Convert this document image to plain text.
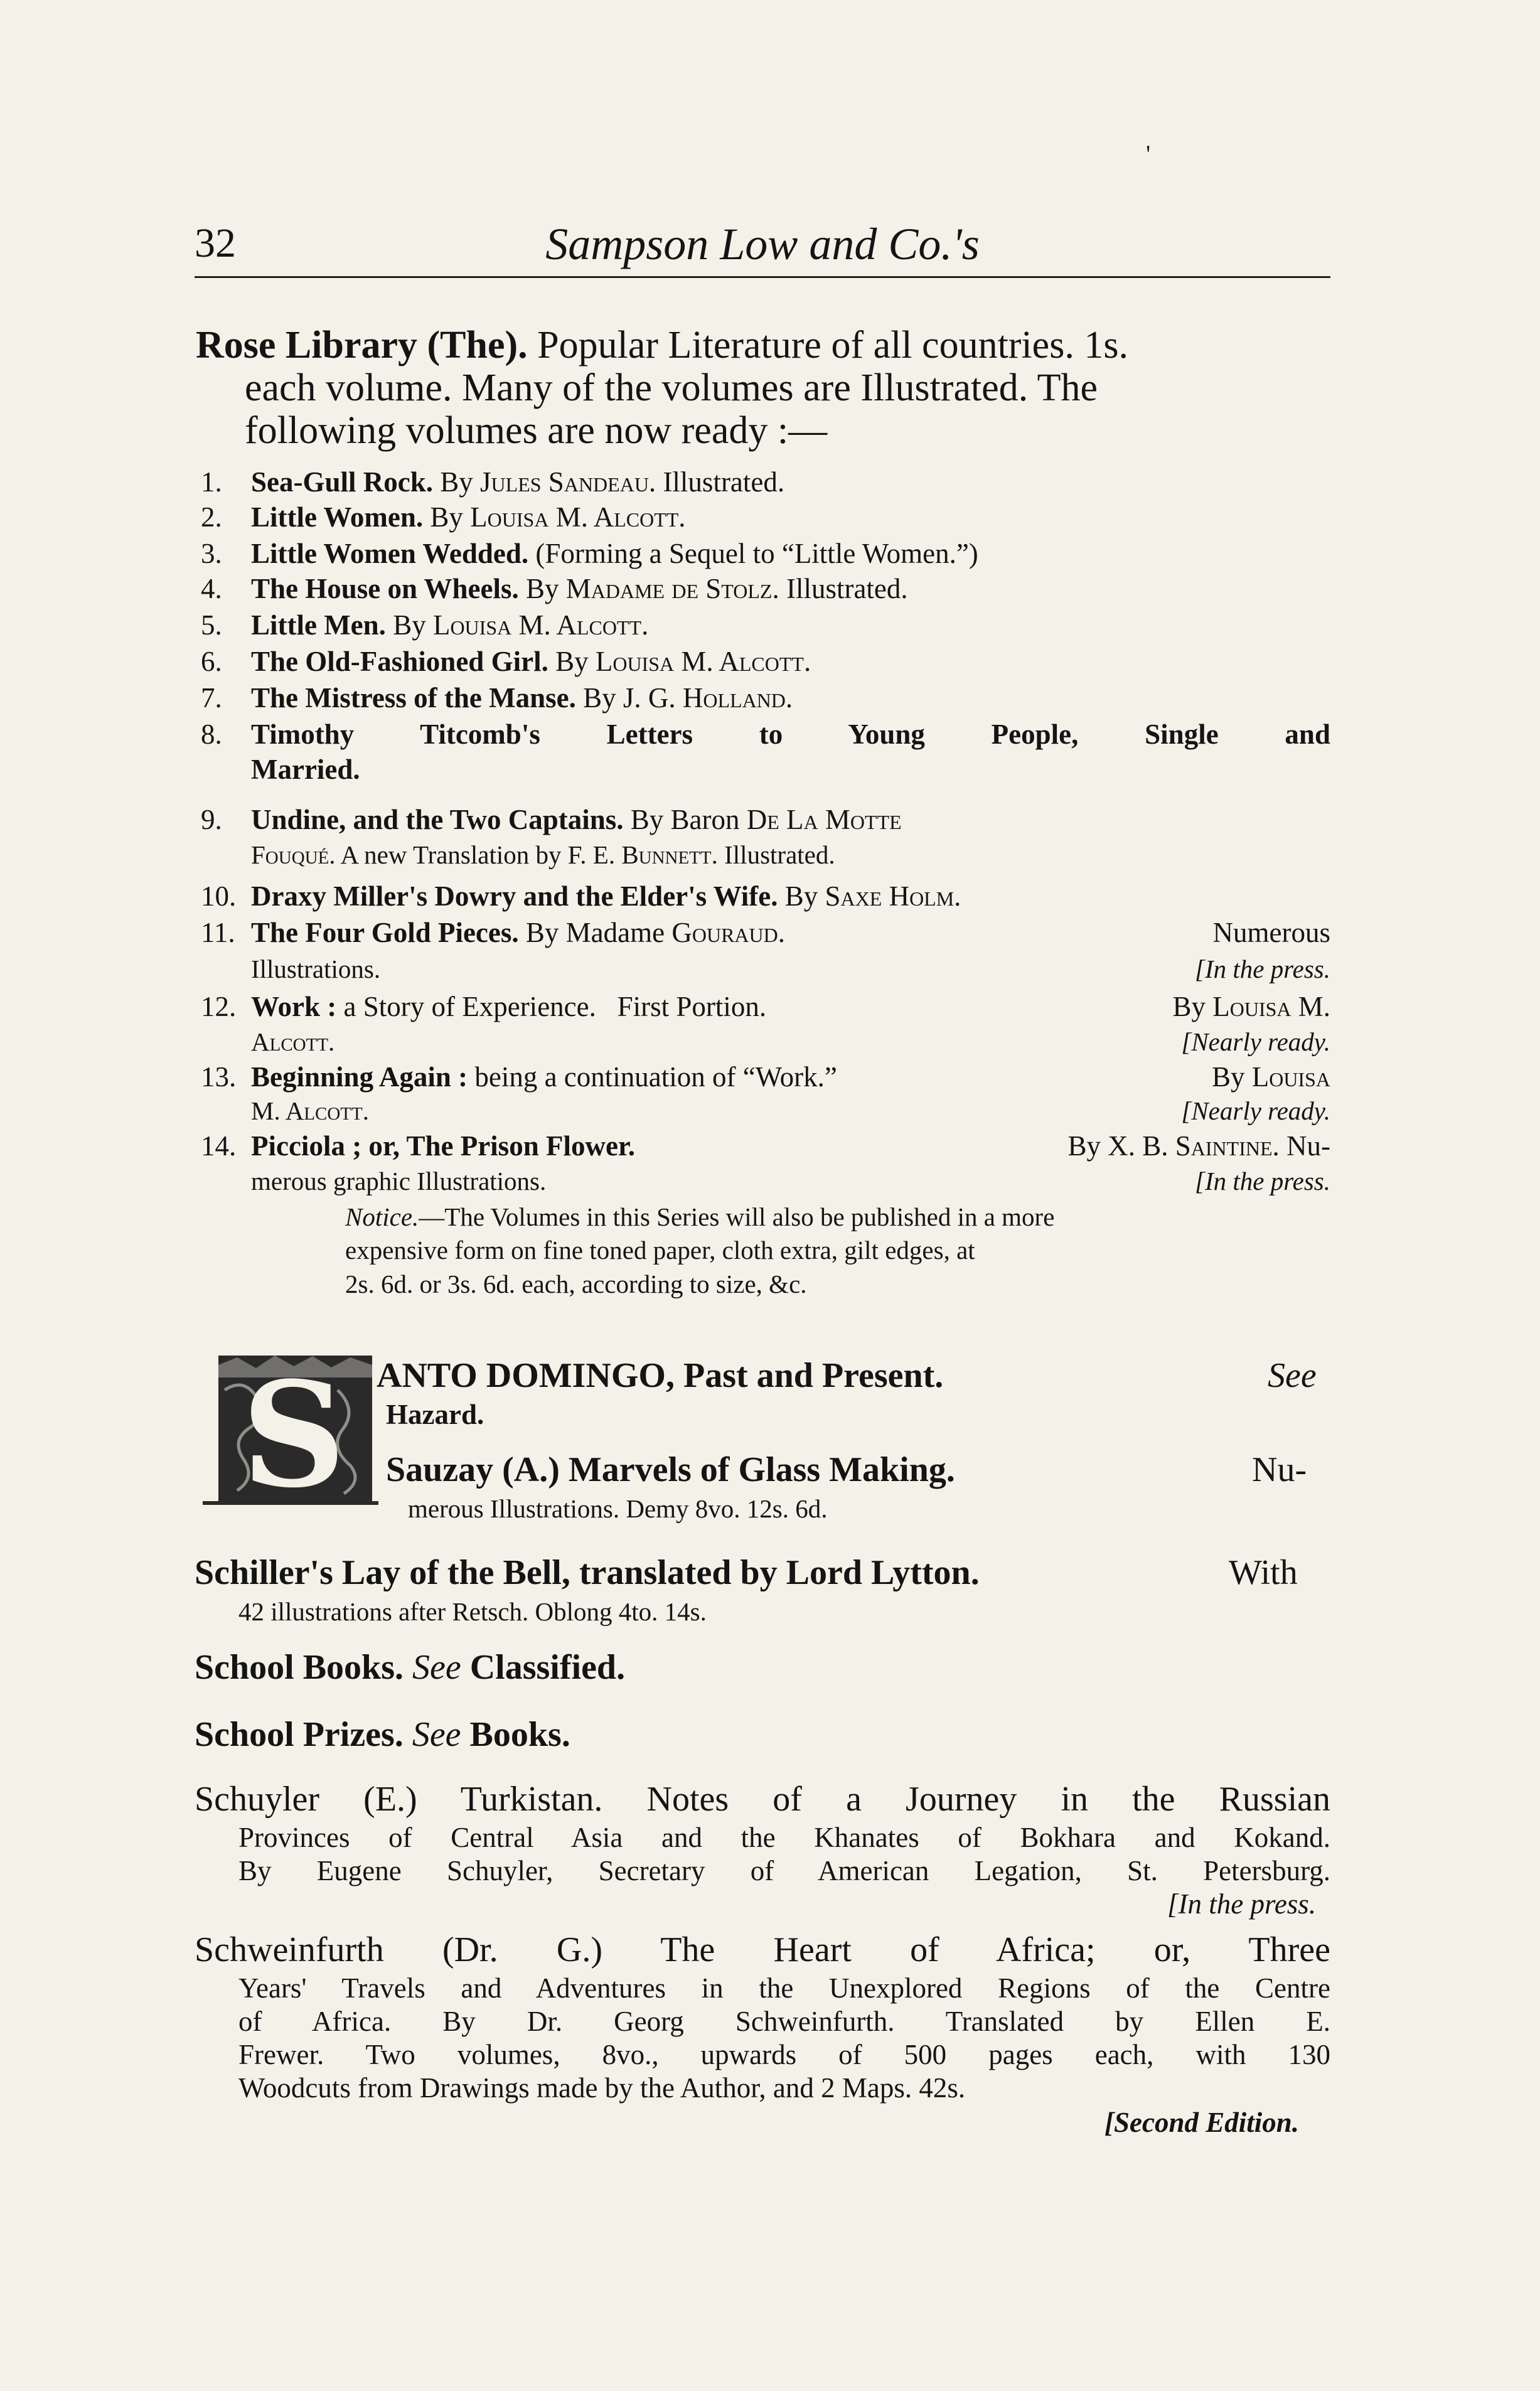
'
32	Sampson Low and Co.'s
Rose Library (The). Popular Literature of all countries. 1s.
each volume. Many of the volumes are Illustrated. The
following volumes are now ready :—
1. Sea-Gull Rock. By Jules Sandeau. Illustrated.
2. Little Women. By Louisa M. Alcott.
3. Little Women Wedded. (Forming a Sequel to “Little Women.”)
4. The House on Wheels. By Madame de Stolz. Illustrated.
5. Little Men. By Louisa M. Alcott.
6. The Old-Fashioned Girl. By Louisa M. Alcott.
7. The Mistress of the Manse. By J. G. Holland.
8. Timothy Titcomb's Letters to Young People, Single and
Married.
9. Undine, and the Two Captains. By Baron De La Motte
Fouqué. A new Translation by F. E. Bunnett. Illustrated.
10. Draxy Miller's Dowry and the Elder's Wife. By Saxe Holm.
11. The Four Gold Pieces. By Madame Gouraud.	Numerous
Illustrations.	[In the press.
12. Work : a Story of Experience. First Portion.	By Louisa M.
Alcott.	[Nearly ready.
13. Beginning Again : being a continuation of “Work.”	By Louisa
M. Alcott.	[Nearly ready.
14. Picciola ; or, The Prison Flower.	By X. B. Saintine. Nu-
merous graphic Illustrations.	[In the press.
Notice.—The Volumes in this Series will also be published in a more
expensive form on fine toned paper, cloth extra, gilt edges, at
2s. 6d. or 3s. 6d. each, according to size, &c.
S ANTO DOMINGO, Past and Present.	See
Hazard.
Sauzay (A.) Marvels of Glass Making.	Nu-
merous Illustrations. Demy 8vo. 12s. 6d.
Schiller's Lay of the Bell, translated by Lord Lytton.	With
42 illustrations after Retsch. Oblong 4to. 14s.
School Books. See Classified.
School Prizes. See Books.
Schuyler (E.) Turkistan. Notes of a Journey in the Russian
Provinces of Central Asia and the Khanates of Bokhara and Kokand.
By Eugene Schuyler, Secretary of American Legation, St. Petersburg.
[In the press.
Schweinfurth (Dr. G.) The Heart of Africa; or, Three
Years' Travels and Adventures in the Unexplored Regions of the Centre
of Africa. By Dr. Georg Schweinfurth. Translated by Ellen E.
Frewer. Two volumes, 8vo., upwards of 500 pages each, with 130
Woodcuts from Drawings made by the Author, and 2 Maps. 42s.
[Second Edition.
